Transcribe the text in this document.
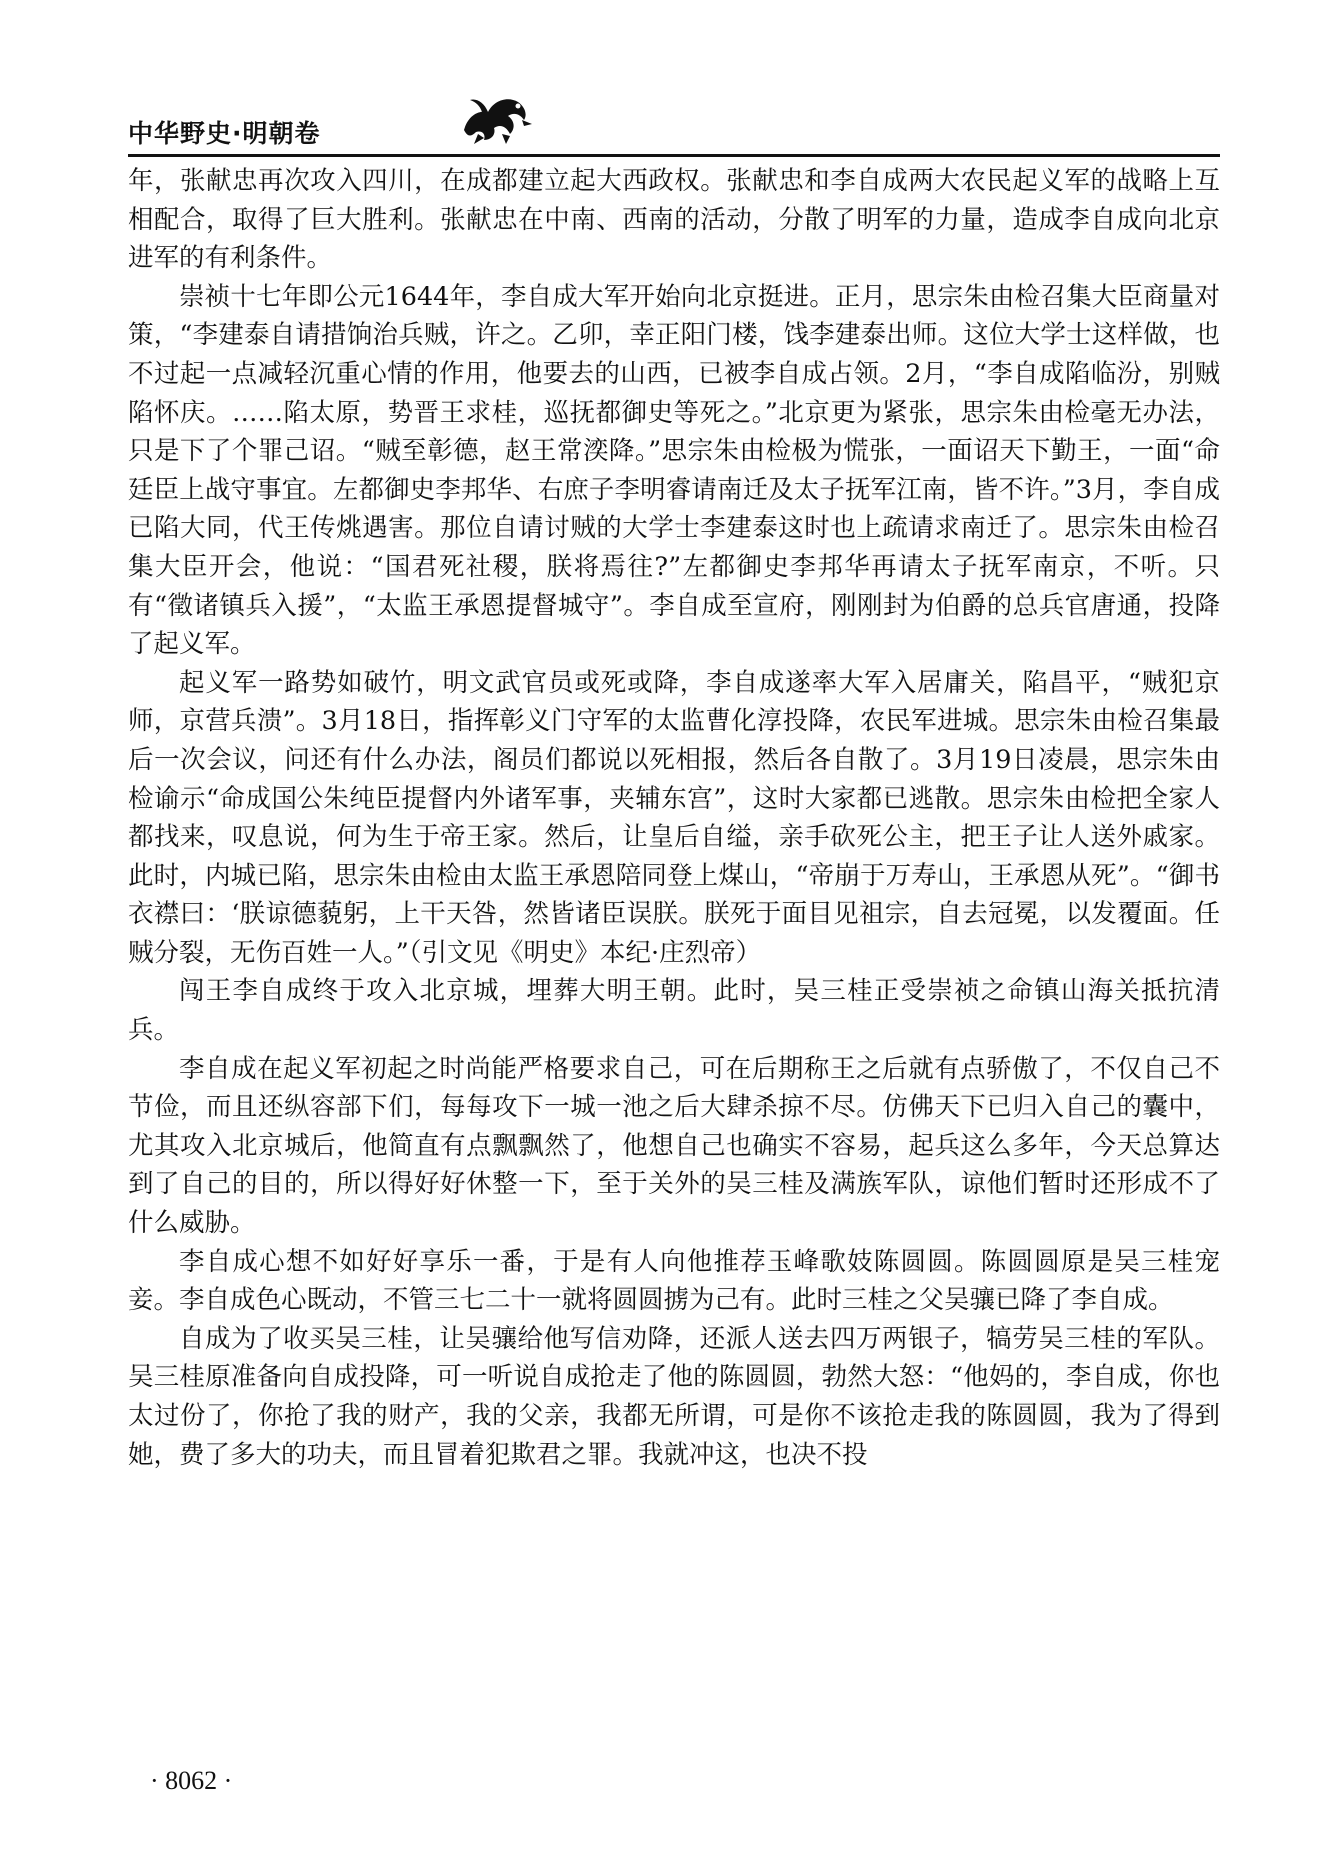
中华野史·明朝卷

年，张献忠再次攻入四川，在成都建立起大西政权。张献忠和李自成两大农民起义军的战略上互相配合，取得了巨大胜利。张献忠在中南、西南的活动，分散了明军的力量，造成李自成向北京进军的有利条件。

崇祯十七年即公元1644年，李自成大军开始向北京挺进。正月，思宗朱由检召集大臣商量对策，“李建泰自请措饷治兵贼，许之。乙卯，幸正阳门楼，饯李建泰出师。这位大学士这样做，也不过起一点减轻沉重心情的作用，他要去的山西，已被李自成占领。2月，“李自成陷临汾，别贼陷怀庆。……陷太原，势晋王求桂，巡抚都御史等死之。”北京更为紧张，思宗朱由检毫无办法，只是下了个罪己诏。“贼至彰德，赵王常湙降。”思宗朱由检极为慌张，一面诏天下勤王，一面“命廷臣上战守事宜。左都御史李邦华、右庶子李明睿请南迁及太子抚军江南，皆不许。”3月，李自成已陷大同，代王传烑遇害。那位自请讨贼的大学士李建泰这时也上疏请求南迁了。思宗朱由检召集大臣开会，他说：“国君死社稷，朕将焉往?”左都御史李邦华再请太子抚军南京，不听。只有“徵诸镇兵入援”，“太监王承恩提督城守”。李自成至宣府，刚刚封为伯爵的总兵官唐通，投降了起义军。

起义军一路势如破竹，明文武官员或死或降，李自成遂率大军入居庸关，陷昌平，“贼犯京师，京营兵溃”。3月18日，指挥彰义门守军的太监曹化淳投降，农民军进城。思宗朱由检召集最后一次会议，问还有什么办法，阁员们都说以死相报，然后各自散了。3月19日凌晨，思宗朱由检谕示“命成国公朱纯臣提督内外诸军事，夹辅东宫”，这时大家都已逃散。思宗朱由检把全家人都找来，叹息说，何为生于帝王家。然后，让皇后自缢，亲手砍死公主，把王子让人送外戚家。此时，内城已陷，思宗朱由检由太监王承恩陪同登上煤山，“帝崩于万寿山，王承恩从死”。“御书衣襟曰：‘朕谅德藐躬，上干天咎，然皆诸臣误朕。朕死于面目见祖宗，自去冠冕，以发覆面。任贼分裂，无伤百姓一人。”（引文见《明史》本纪·庄烈帝）

闯王李自成终于攻入北京城，埋葬大明王朝。此时，吴三桂正受崇祯之命镇山海关抵抗清兵。

李自成在起义军初起之时尚能严格要求自己，可在后期称王之后就有点骄傲了，不仅自己不节俭，而且还纵容部下们，每每攻下一城一池之后大肆杀掠不尽。仿佛天下已归入自己的囊中，尤其攻入北京城后，他简直有点飘飘然了，他想自己也确实不容易，起兵这么多年，今天总算达到了自己的目的，所以得好好休整一下，至于关外的吴三桂及满族军队，谅他们暂时还形成不了什么威胁。

李自成心想不如好好享乐一番，于是有人向他推荐玉峰歌妓陈圆圆。陈圆圆原是吴三桂宠妾。李自成色心既动，不管三七二十一就将圆圆掳为己有。此时三桂之父吴骧已降了李自成。

自成为了收买吴三桂，让吴骧给他写信劝降，还派人送去四万两银子，犒劳吴三桂的军队。吴三桂原准备向自成投降，可一听说自成抢走了他的陈圆圆，勃然大怒：“他妈的，李自成，你也太过份了，你抢了我的财产，我的父亲，我都无所谓，可是你不该抢走我的陈圆圆，我为了得到她，费了多大的功夫，而且冒着犯欺君之罪。我就冲这，也决不投

· 8062 ·
